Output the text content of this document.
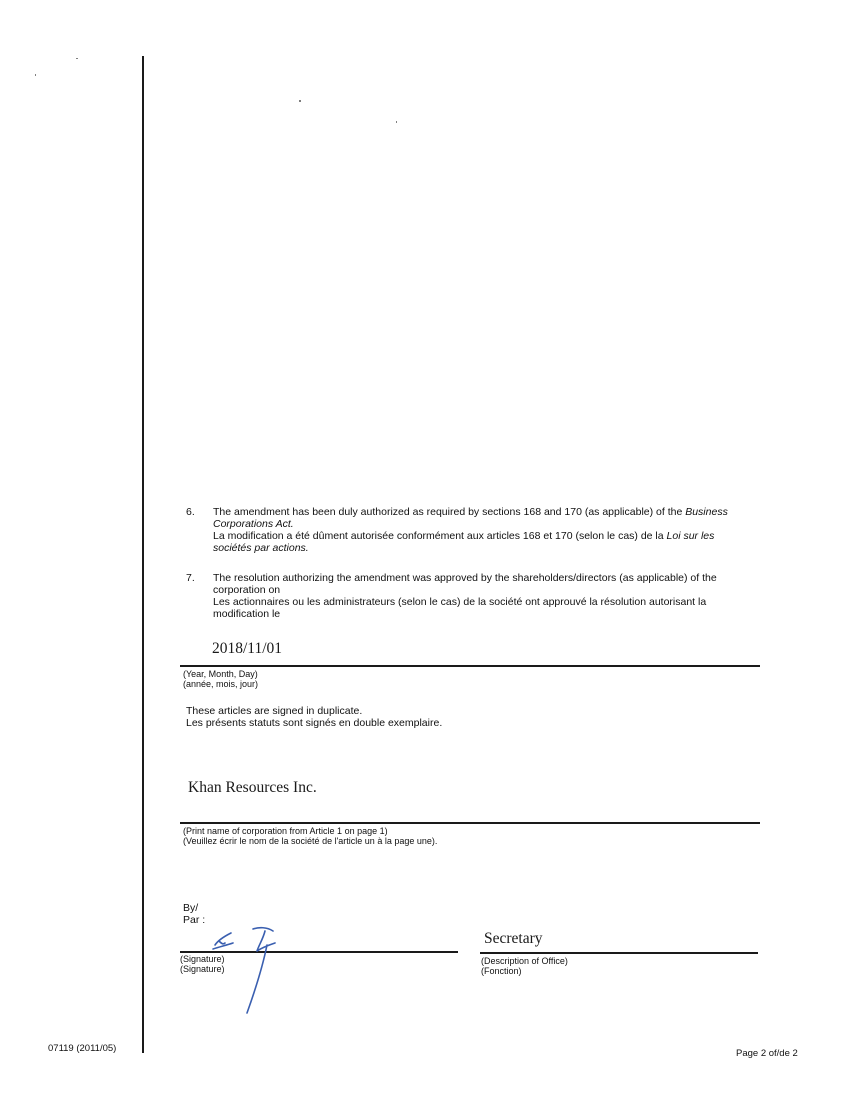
6. The amendment has been duly authorized as required by sections 168 and 170 (as applicable) of the Business Corporations Act.

La modification a été dûment autorisée conformément aux articles 168 et 170 (selon le cas) de la Loi sur les sociétés par actions.

7. The resolution authorizing the amendment was approved by the shareholders/directors (as applicable) of the corporation on

Les actionnaires ou les administrateurs (selon le cas) de la société ont approuvé la résolution autorisant la modification le

2018/11/01
(Year, Month, Day)
(année, mois, jour)
These articles are signed in duplicate.
Les présents statuts sont signés en double exemplaire.
Khan Resources Inc.
(Print name of corporation from Article 1 on page 1)
(Veuillez écrir le nom de la société de l'article un à la page une).
By/
Par :
(Signature)
(Signature)
Secretary
(Description of Office)
(Fonction)
07119 (2011/05)	Page 2 of/de 2
